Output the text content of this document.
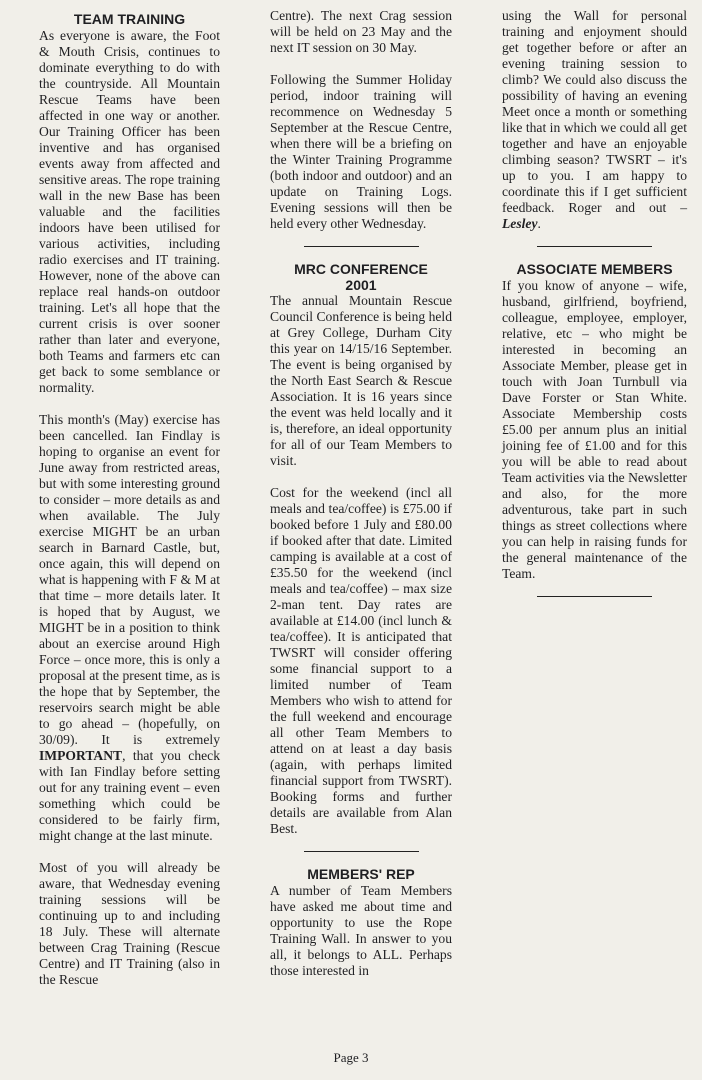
TEAM TRAINING

As everyone is aware, the Foot & Mouth Crisis, continues to dominate everything to do with the countryside. All Mountain Rescue Teams have been affected in one way or another. Our Training Officer has been inventive and has organised events away from affected and sensitive areas. The rope training wall in the new Base has been valuable and the facilities indoors have been utilised for various activities, including radio exercises and IT training. However, none of the above can replace real hands-on outdoor training. Let's all hope that the current crisis is over sooner rather than later and everyone, both Teams and farmers etc can get back to some semblance or normality.

This month's (May) exercise has been cancelled. Ian Findlay is hoping to organise an event for June away from restricted areas, but with some interesting ground to consider – more details as and when available. The July exercise MIGHT be an urban search in Barnard Castle, but, once again, this will depend on what is happening with F & M at that time – more details later. It is hoped that by August, we MIGHT be in a position to think about an exercise around High Force – once more, this is only a proposal at the present time, as is the hope that by September, the reservoirs search might be able to go ahead – (hopefully, on 30/09). It is extremely IMPORTANT, that you check with Ian Findlay before setting out for any training event – even something which could be considered to be fairly firm, might change at the last minute.

Most of you will already be aware, that Wednesday evening training sessions will be continuing up to and including 18 July. These will alternate between Crag Training (Rescue Centre) and IT Training (also in the Rescue

Centre). The next Crag session will be held on 23 May and the next IT session on 30 May.

Following the Summer Holiday period, indoor training will recommence on Wednesday 5 September at the Rescue Centre, when there will be a briefing on the Winter Training Programme (both indoor and outdoor) and an update on Training Logs. Evening sessions will then be held every other Wednesday.

MRC CONFERENCE
2001

The annual Mountain Rescue Council Conference is being held at Grey College, Durham City this year on 14/15/16 September. The event is being organised by the North East Search & Rescue Association. It is 16 years since the event was held locally and it is, therefore, an ideal opportunity for all of our Team Members to visit.

Cost for the weekend (incl all meals and tea/coffee) is £75.00 if booked before 1 July and £80.00 if booked after that date. Limited camping is available at a cost of £35.50 for the weekend (incl meals and tea/coffee) – max size 2-man tent. Day rates are available at £14.00 (incl lunch & tea/coffee). It is anticipated that TWSRT will consider offering some financial support to a limited number of Team Members who wish to attend for the full weekend and encourage all other Team Members to attend on at least a day basis (again, with perhaps limited financial support from TWSRT). Booking forms and further details are available from Alan Best.

MEMBERS' REP

A number of Team Members have asked me about time and opportunity to use the Rope Training Wall. In answer to you all, it belongs to ALL. Perhaps those interested in

using the Wall for personal training and enjoyment should get together before or after an evening training session to climb? We could also discuss the possibility of having an evening Meet once a month or something like that in which we could all get together and have an enjoyable climbing season? TWSRT – it's up to you. I am happy to coordinate this if I get sufficient feedback. Roger and out – Lesley.

ASSOCIATE MEMBERS

If you know of anyone – wife, husband, girlfriend, boyfriend, colleague, employee, employer, relative, etc – who might be interested in becoming an Associate Member, please get in touch with Joan Turnbull via Dave Forster or Stan White. Associate Membership costs £5.00 per annum plus an initial joining fee of £1.00 and for this you will be able to read about Team activities via the Newsletter and also, for the more adventurous, take part in such things as street collections where you can help in raising funds for the general maintenance of the Team.

Page 3
